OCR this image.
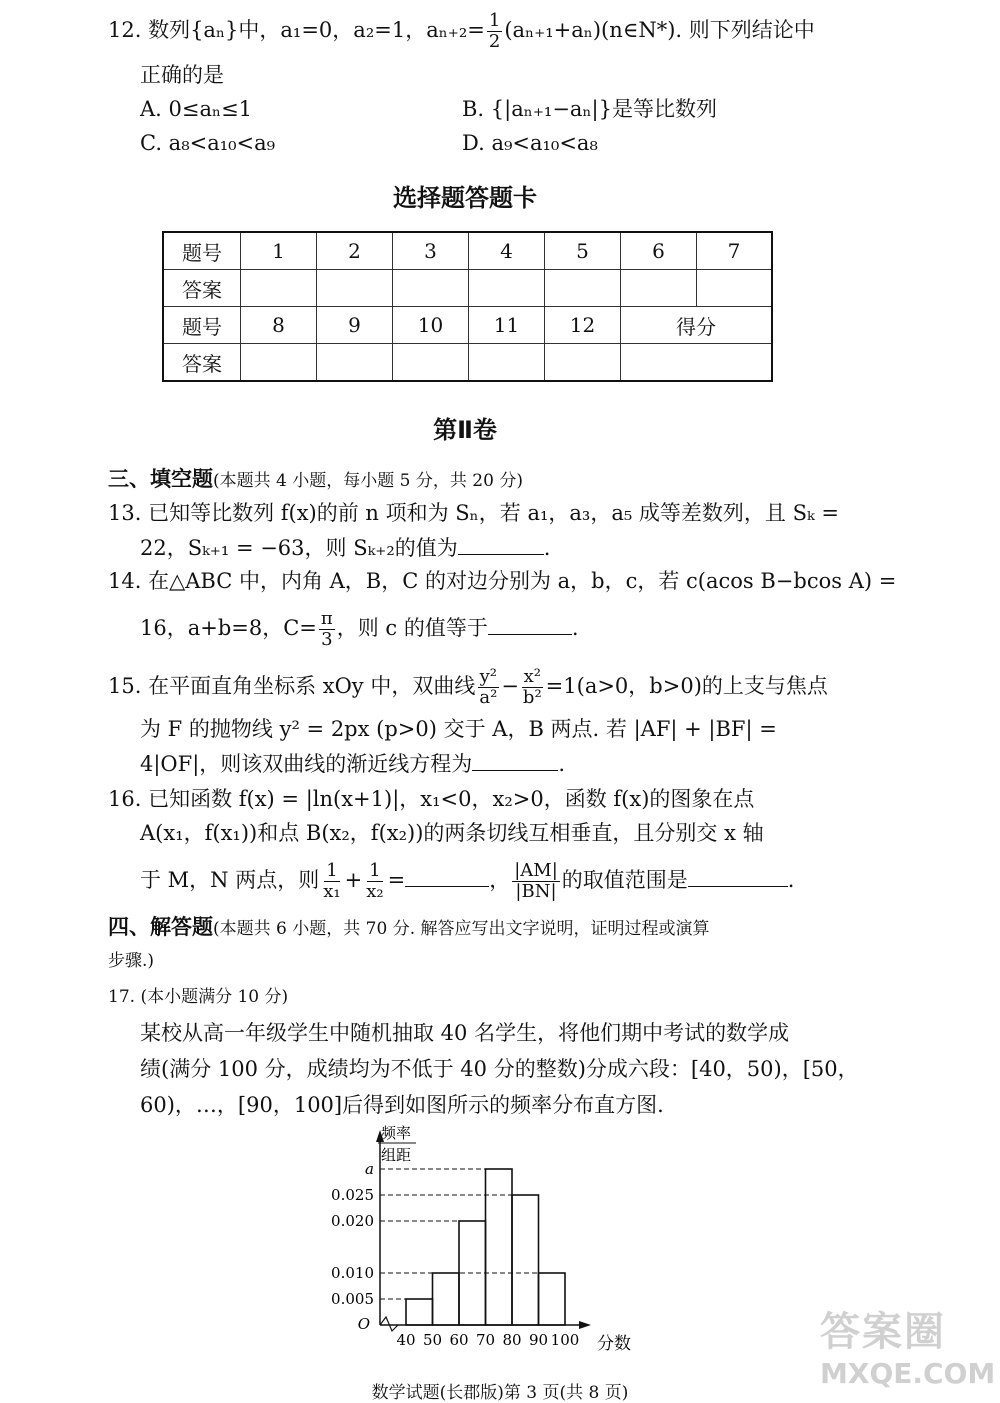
12. 数列{aₙ}中，a₁=0，a₂=1，$a_{n+2}= \frac{1}{2}$ (aₙ₊₁+aₙ)(n∈N*). 则下列结论中
正确的是
A. 0≤aₙ≤1	B. {|aₙ₊₁−aₙ|}是等比数列
C. a₈<a₁₀<a₉	D. a₉<a₁₀<a₈
选择题答题卡
题号	1	2	3	4	5	6	7
答案							
题号	8	9	10	11	12	得分	
答案							
第Ⅱ卷
三、填空题(本题共 4 小题，每小题 5 分，共 20 分)
13. 已知等比数列 f(x)的前 n 项和为 Sₙ，若 a₁，a₃，a₅ 成等差数列，且 Sₖ =
22，Sₖ₊₁ = −63，则 Sₖ₊₂的值为	.
14. 在△ABC 中，内角 A，B，C 的对边分别为 a，b，c，若 c(acos B−bcos A) =
16，a+b=8，$C= \frac{\pi}{3}$ ，则 c 的值等于	.
15. 在平面直角坐标系 xOy 中，双曲线 $\frac{\text{y²}}{\text{a²}} - \frac{\text{x²}}{\text{b²}} =1(a>0$，b>0)的上支与焦点
为 F 的抛物线 y² = 2px (p>0) 交于 A，B 两点. 若 |AF| + |BF| =
4|OF|，则该双曲线的渐近线方程为	.
16. 已知函数 f(x) = |ln(x+1)|，x₁<0，x₂>0，函数 f(x)的图象在点
A(x₁，f(x₁))和点 B(x₂，f(x₂))的两条切线互相垂直，且分别交 x 轴
于 M，N 两点，则 $\frac{1}{\text{x₁}} + \frac{1}{\text{x₂}}$ =	， $\frac{|AM|}{|BN|}$ 的取值范围是	.
四、解答题(本题共 6 小题，共 70 分. 解答应写出文字说明，证明过程或演算
步骤.)
17. (本小题满分 10 分)
某校从高一年级学生中随机抽取 40 名学生，将他们期中考试的数学成
绩(满分 100 分，成绩均为不低于 40 分的整数)分成六段：[40，50)，[50，
60)，…，[90，100]后得到如图所示的频率分布直方图.
a
0.025
0.020
0.010
0.005
40 50 60 70 80 90 100
O
分数
频率
组距
数学试题(长郡版)第 3 页(共 8 页)
答案圈
MXQE.COM
